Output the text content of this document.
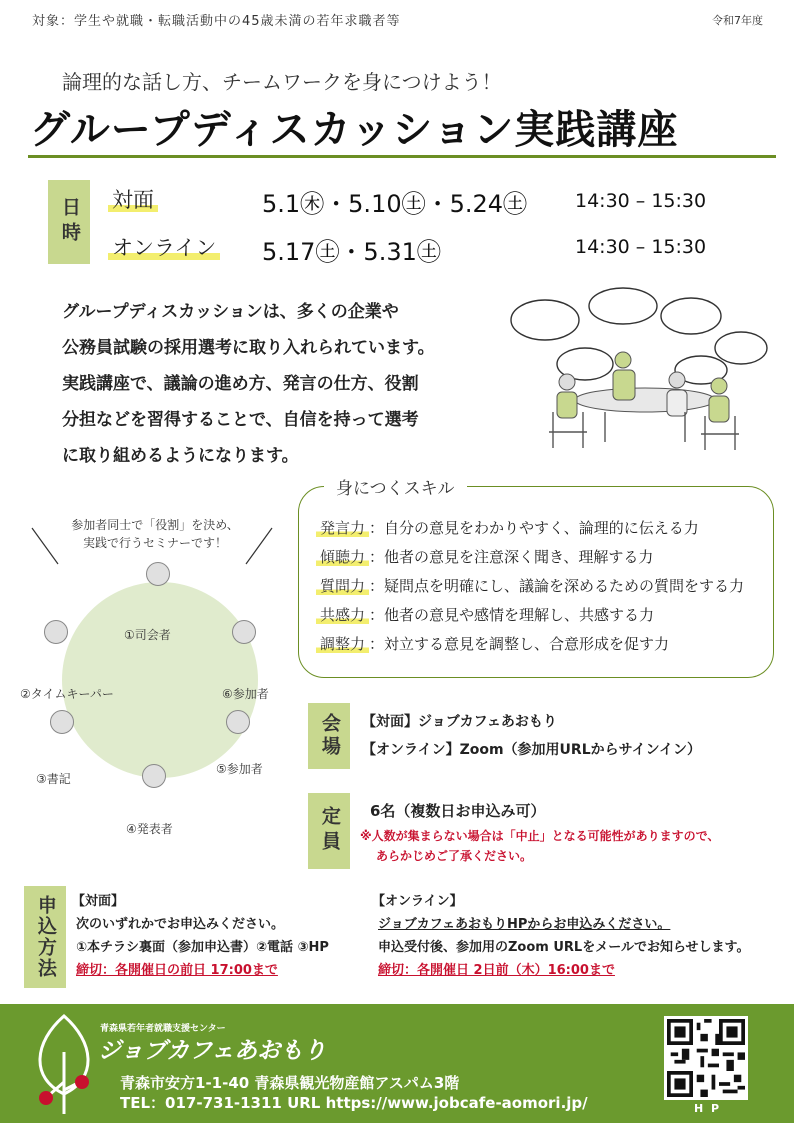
対象：学生や就職・転職活動中の45歳未満の若年求職者等	令和7年度
論理的な話し方、チームワークを身につけよう！
グループディスカッション実践講座
日時 対面	5.1㊍・5.10㊏・5.24㊏	14:30 – 15:30
オンライン 5.17㊏・5.31㊏	14:30 – 15:30
グループディスカッションは、多くの企業や
公務員試験の採用選考に取り入れられています。
実践講座で、議論の進め方、発言の仕方、役割
分担などを習得することで、自信を持って選考
に取り組めるようになります。
参加者同士で「役割」を決め、
実践で行うセミナーです！
①司会者
②タイムキーパー
③書記
④発表者
⑤参加者
⑥参加者
身につくスキル
発言力 ：自分の意見をわかりやすく、論理的に伝える力
傾聴力 ：他者の意見を注意深く聞き、理解する力
質問力 ：疑問点を明確にし、議論を深めるための質問をする力
共感力 ：他者の意見や感情を理解し、共感する力
調整力 ：対立する意見を調整し、合意形成を促す力
会場 【対面】ジョブカフェあおもり
【オンライン】Zoom（参加用URLからサインイン）
定員 6名（複数日お申込み可）
※人数が集まらない場合は「中止」となる可能性がありますので、
あらかじめご了承ください。
申込方法 【対面】
次のいずれかでお申込みください。
①本チラシ裏面（参加申込書）②電話 ③HP
締切：各開催日の前日 17:00まで
【オンライン】
ジョブカフェあおもりHPからお申込みください。
申込受付後、参加用のZoom URLをメールでお知らせします。
締切：各開催日 2日前（木）16:00まで
青森県若年者就職支援センター
ジョブカフェあおもり
青森市安方1-1-40 青森県観光物産館アスパム3階
TEL：017-731-1311 URL https://www.jobcafe-aomori.jp/	H P
